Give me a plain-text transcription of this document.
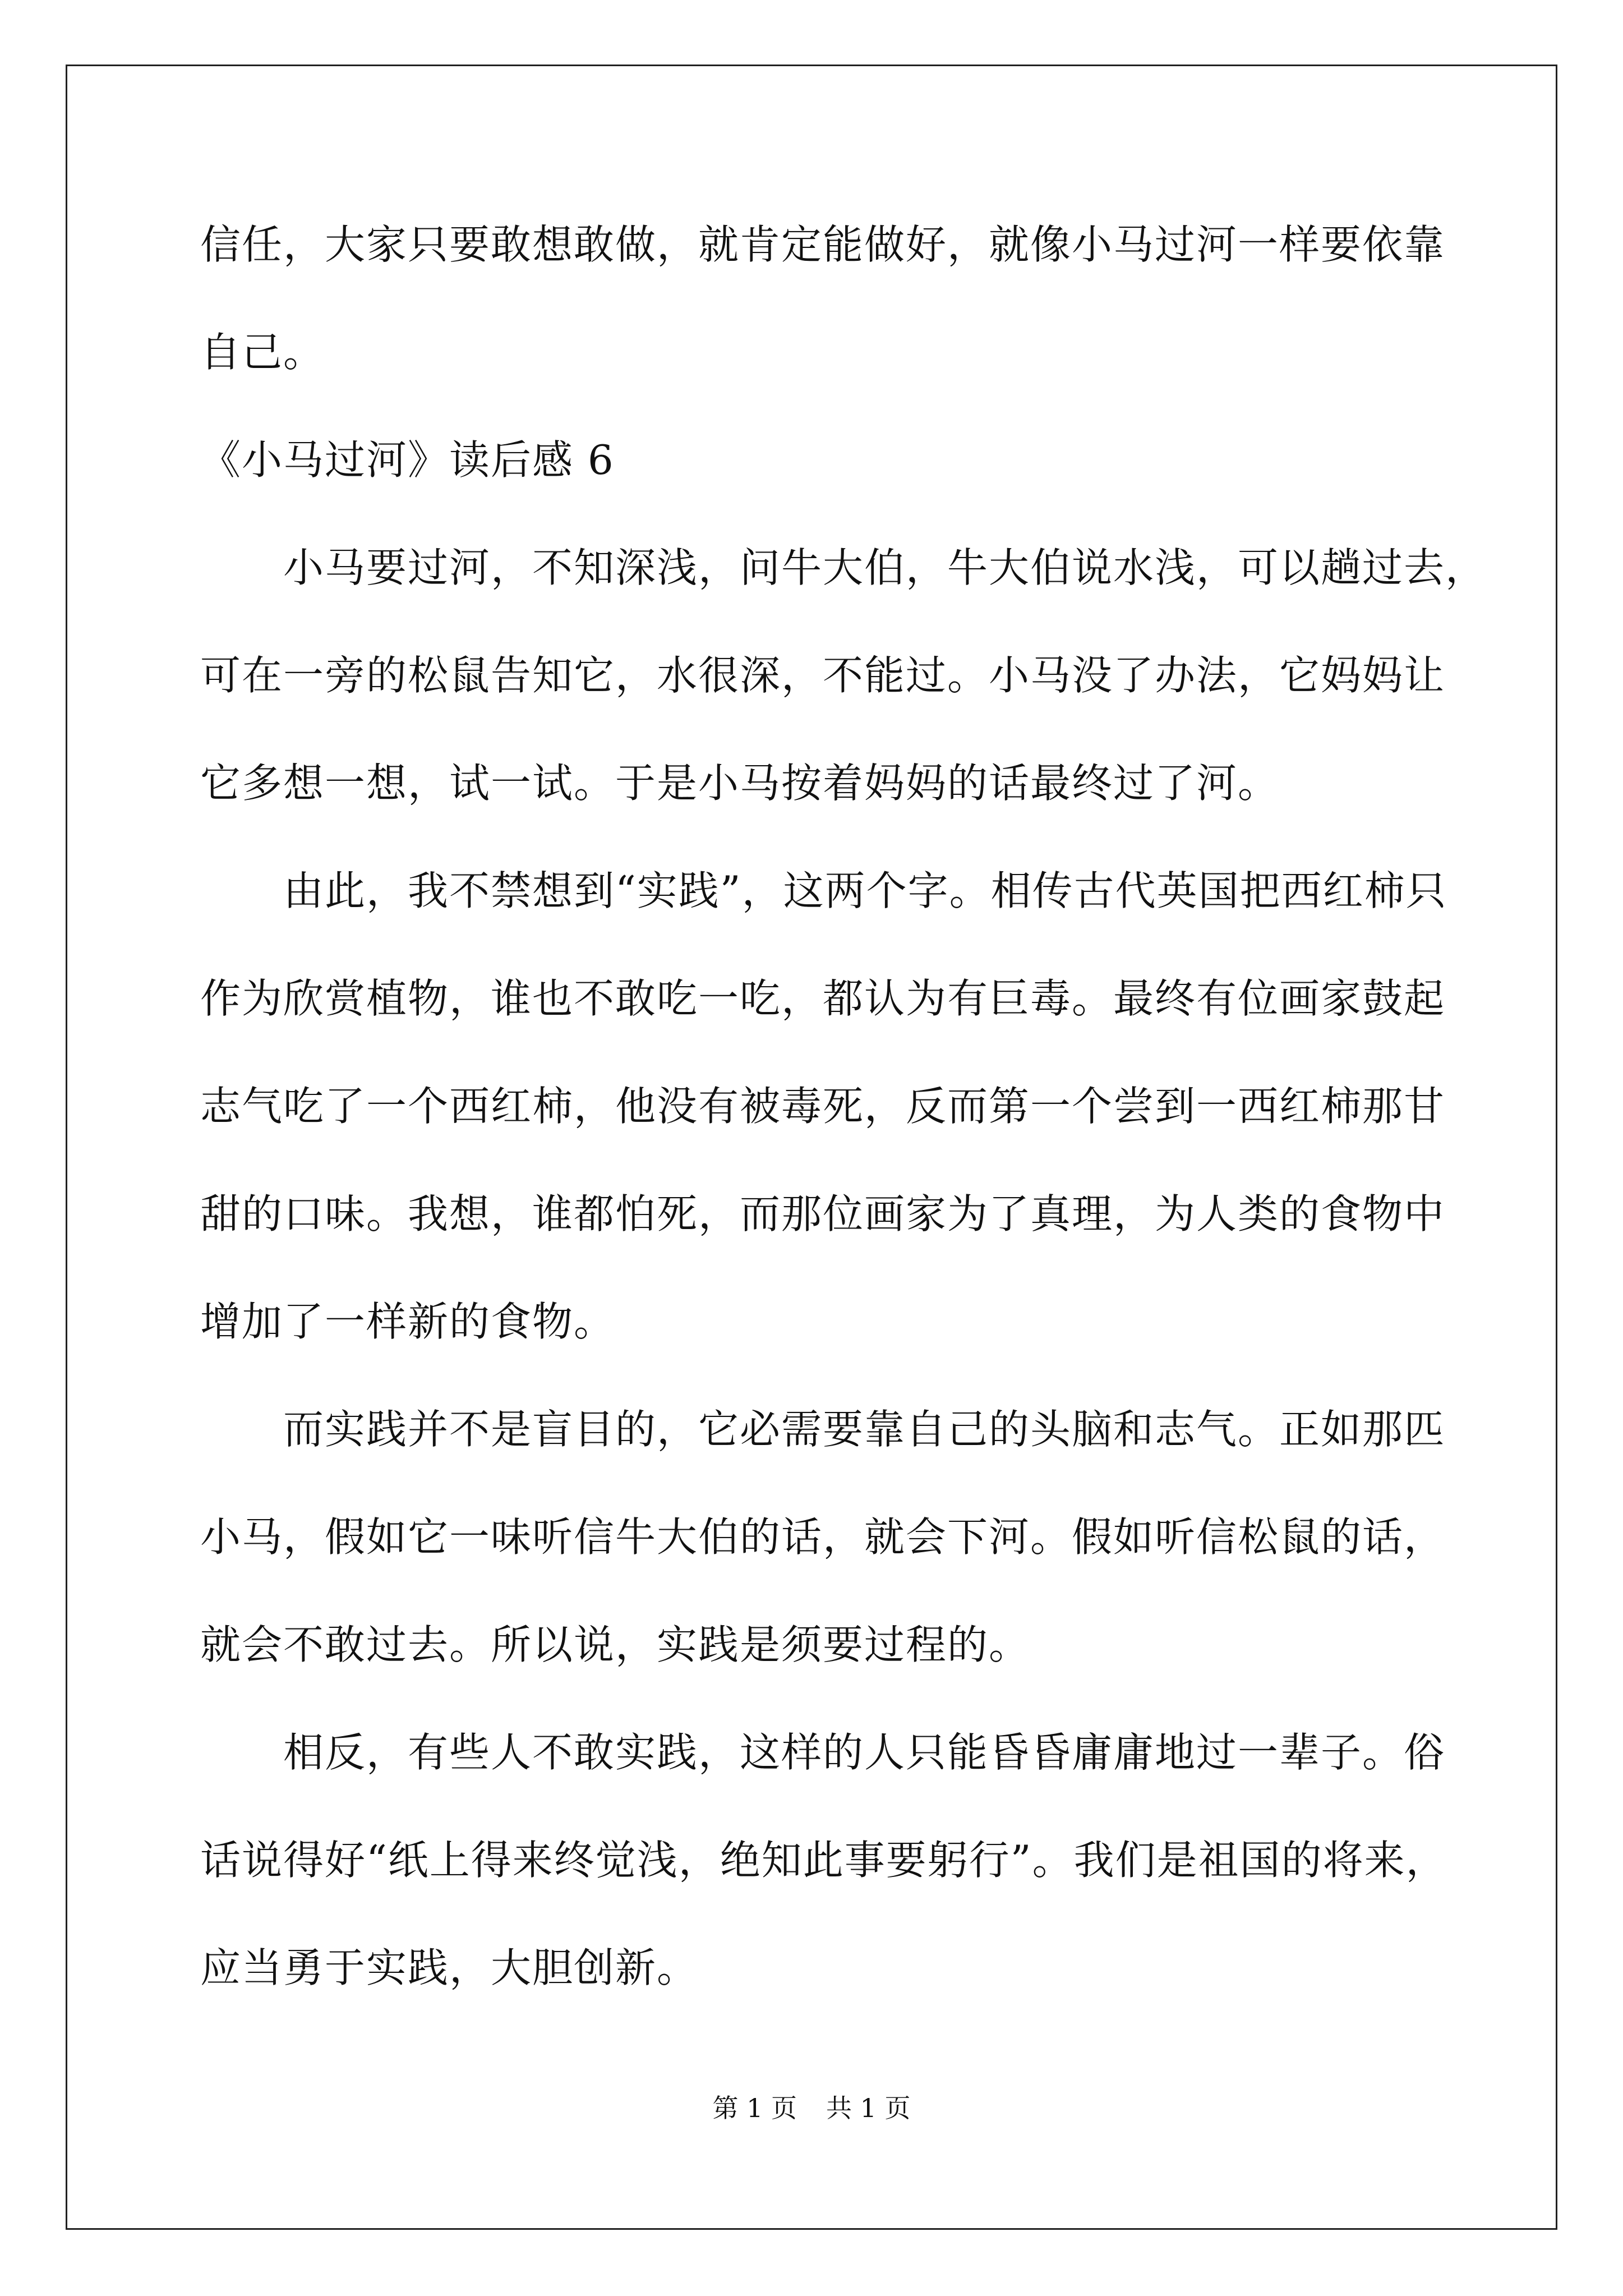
信任，大家只要敢想敢做，就肯定能做好，就像小马过河一样要依靠
自己。
《小马过河》读后感 6
小马要过河，不知深浅，问牛大伯，牛大伯说水浅，可以趟过去，
可在一旁的松鼠告知它，水很深，不能过。小马没了办法，它妈妈让
它多想一想，试一试。于是小马按着妈妈的话最终过了河。
由此，我不禁想到“实践”，这两个字。相传古代英国把西红柿只
作为欣赏植物，谁也不敢吃一吃，都认为有巨毒。最终有位画家鼓起
志气吃了一个西红柿，他没有被毒死，反而第一个尝到一西红柿那甘
甜的口味。我想，谁都怕死，而那位画家为了真理，为人类的食物中
增加了一样新的食物。
而实践并不是盲目的，它必需要靠自己的头脑和志气。正如那匹
小马，假如它一味听信牛大伯的话，就会下河。假如听信松鼠的话，
就会不敢过去。所以说，实践是须要过程的。
相反，有些人不敢实践，这样的人只能昏昏庸庸地过一辈子。俗
话说得好“纸上得来终觉浅，绝知此事要躬行”。我们是祖国的将来，
应当勇于实践，大胆创新。
第 1 页 共 1 页
